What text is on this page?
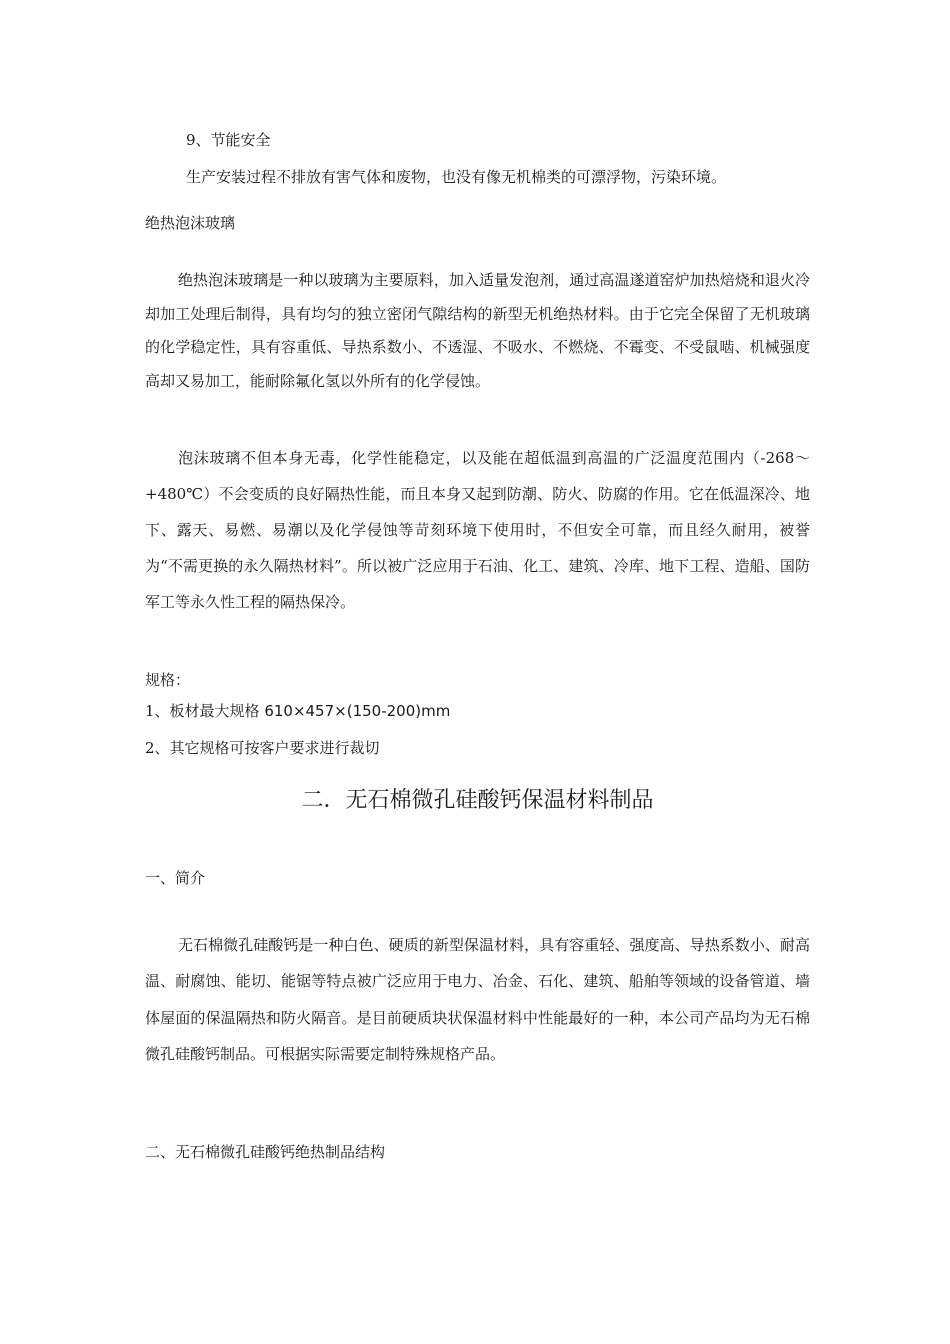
9、节能安全

生产安装过程不排放有害气体和废物，也没有像无机棉类的可漂浮物，污染环境。

绝热泡沫玻璃

绝热泡沫玻璃是一种以玻璃为主要原料，加入适量发泡剂，通过高温遂道窑炉加热焙烧和退火冷却加工处理后制得，具有均匀的独立密闭气隙结构的新型无机绝热材料。由于它完全保留了无机玻璃的化学稳定性，具有容重低、导热系数小、不透湿、不吸水、不燃烧、不霉变、不受鼠啮、机械强度高却又易加工，能耐除氟化氢以外所有的化学侵蚀。

泡沫玻璃不但本身无毒，化学性能稳定，以及能在超低温到高温的广泛温度范围内（-268～+480℃）不会变质的良好隔热性能，而且本身又起到防潮、防火、防腐的作用。它在低温深冷、地下、露天、易燃、易潮以及化学侵蚀等苛刻环境下使用时，不但安全可靠，而且经久耐用，被誉为“不需更换的永久隔热材料”。所以被广泛应用于石油、化工、建筑、冷库、地下工程、造船、国防军工等永久性工程的隔热保冷。

规格：

1、板材最大规格 610×457×(150-200)mm

2、其它规格可按客户要求进行裁切

二．无石棉微孔硅酸钙保温材料制品

一、简介

无石棉微孔硅酸钙是一种白色、硬质的新型保温材料，具有容重轻、强度高、导热系数小、耐高温、耐腐蚀、能切、能锯等特点被广泛应用于电力、冶金、石化、建筑、船舶等领域的设备管道、墙体屋面的保温隔热和防火隔音。是目前硬质块状保温材料中性能最好的一种，本公司产品均为无石棉微孔硅酸钙制品。可根据实际需要定制特殊规格产品。

二、无石棉微孔硅酸钙绝热制品结构
